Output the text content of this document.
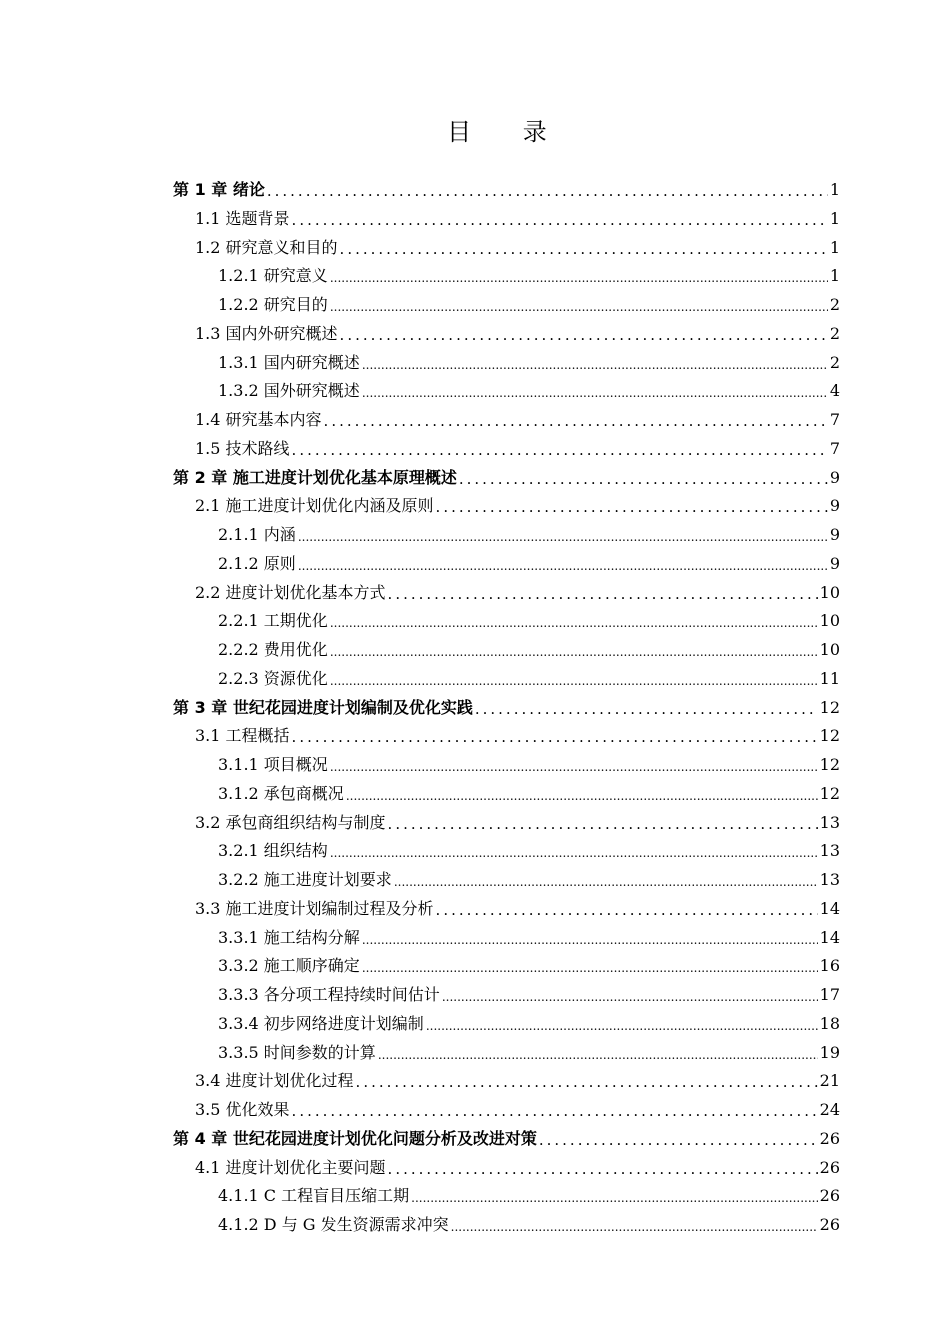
目 录
第 1 章 绪论 .....	1
1.1 选题背景 .....	1
1.2 研究意义和目的 .....	1
1.2.1 研究意义 .....	1
1.2.2 研究目的 .....	2
1.3 国内外研究概述 .....	2
1.3.1 国内研究概述 .....	2
1.3.2 国外研究概述 .....	4
1.4 研究基本内容 .....	7
1.5 技术路线 .....	7
第 2 章 施工进度计划优化基本原理概述 .....	9
2.1 施工进度计划优化内涵及原则 .....	9
2.1.1 内涵 .....	9
2.1.2 原则 .....	9
2.2 进度计划优化基本方式 .....	10
2.2.1 工期优化 .....	10
2.2.2 费用优化 .....	10
2.2.3 资源优化 .....	11
第 3 章 世纪花园进度计划编制及优化实践 .....	12
3.1 工程概括 .....	12
3.1.1 项目概况 .....	12
3.1.2 承包商概况 .....	12
3.2 承包商组织结构与制度 .....	13
3.2.1 组织结构 .....	13
3.2.2 施工进度计划要求 .....	13
3.3 施工进度计划编制过程及分析 .....	14
3.3.1 施工结构分解 .....	14
3.3.2 施工顺序确定 .....	16
3.3.3 各分项工程持续时间估计 .....	17
3.3.4 初步网络进度计划编制 .....	18
3.3.5 时间参数的计算 .....	19
3.4 进度计划优化过程 .....	21
3.5 优化效果 .....	24
第 4 章 世纪花园进度计划优化问题分析及改进对策 .....	26
4.1 进度计划优化主要问题 .....	26
4.1.1 C 工程盲目压缩工期 .....	26
4.1.2 D 与 G 发生资源需求冲突 .....	26
